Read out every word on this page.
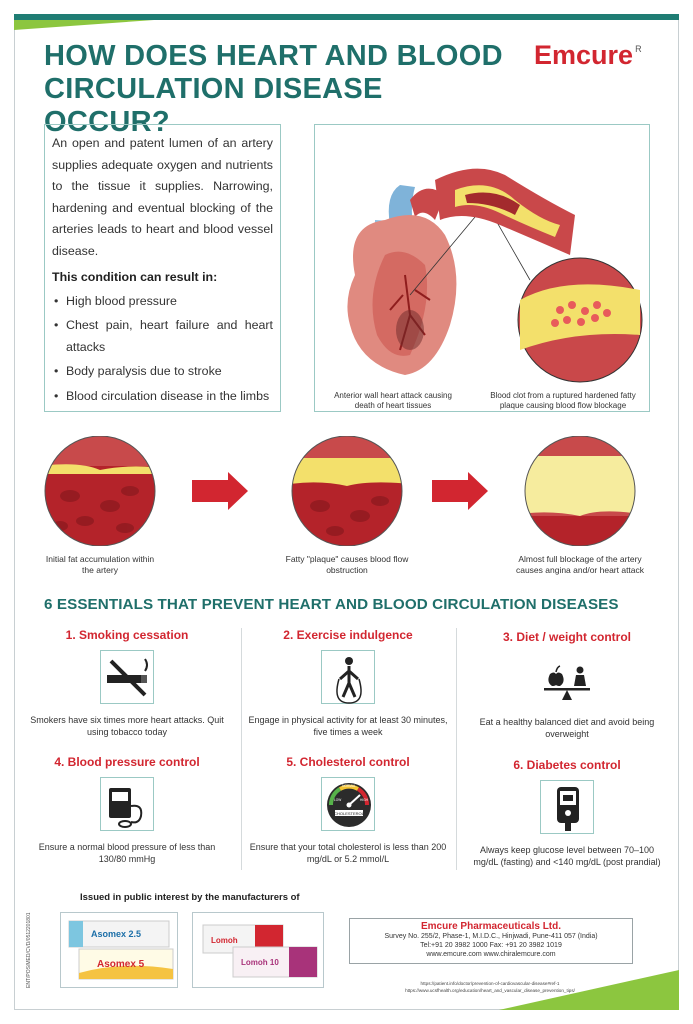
HOW DOES HEART AND BLOOD CIRCULATION DISEASE OCCUR?
Emcure $^R$

An open and patent lumen of an artery supplies adequate oxygen and nutrients to the tissue it supplies. Narrowing, hardening and eventual blocking of the arteries leads to heart and blood vessel disease.

This condition can result in:
• High blood pressure
• Chest pain, heart failure and heart attacks
• Body paralysis due to stroke
• Blood circulation disease in the limbs	Anterior wall heart attack causing death of heart tissues
Blood clot from a ruptured hardened fatty plaque causing blood flow blockage
Initial fat accumulation within the artery
Fatty "plaque" causes blood flow obstruction
Almost full blockage of the artery causes angina and/or heart attack
6 ESSENTIALS THAT PREVENT HEART AND BLOOD CIRCULATION DISEASES
1. Smoking cessation

Smokers have six times more heart attacks. Quit using tobacco today

2. Exercise indulgence

Engage in physical activity for at least 30 minutes, five times a week

3. Diet / weight control

Eat a healthy balanced diet and avoid being overweight

4. Blood pressure control

Ensure a normal blood pressure of less than 130/80 mmHg

5. Cholesterol control
CHOLESTEROL
LOW
NORMAL
HIGH

Ensure that your total cholesterol is less than 200 mg/dL or 5.2 mmol/L

6. Diabetes control

Always keep glucose level between 70–100 mg/dL (fasting) and <140 mg/dL (post prandial)

Issued in public interest by the manufacturers of
ENT/POS/MED/CVD/0512201801	Asomex 2.5
Asomex 5
Lomoh
Lomoh 10
Emcure Pharmaceuticals Ltd.
Survey No. 255/2, Phase-1, M.I.D.C., Hinjwadi, Pune-411 057 (India)
Tel:+91 20 3982 1000 Fax: +91 20 3982 1019
www.emcure.com www.chiralemcure.com
https://patient.info/doctor/prevention-of-cardiovascular-disease#ref-1
https://www.ucsfhealth.org/education/heart_and_vascular_disease_prevention_tips/
